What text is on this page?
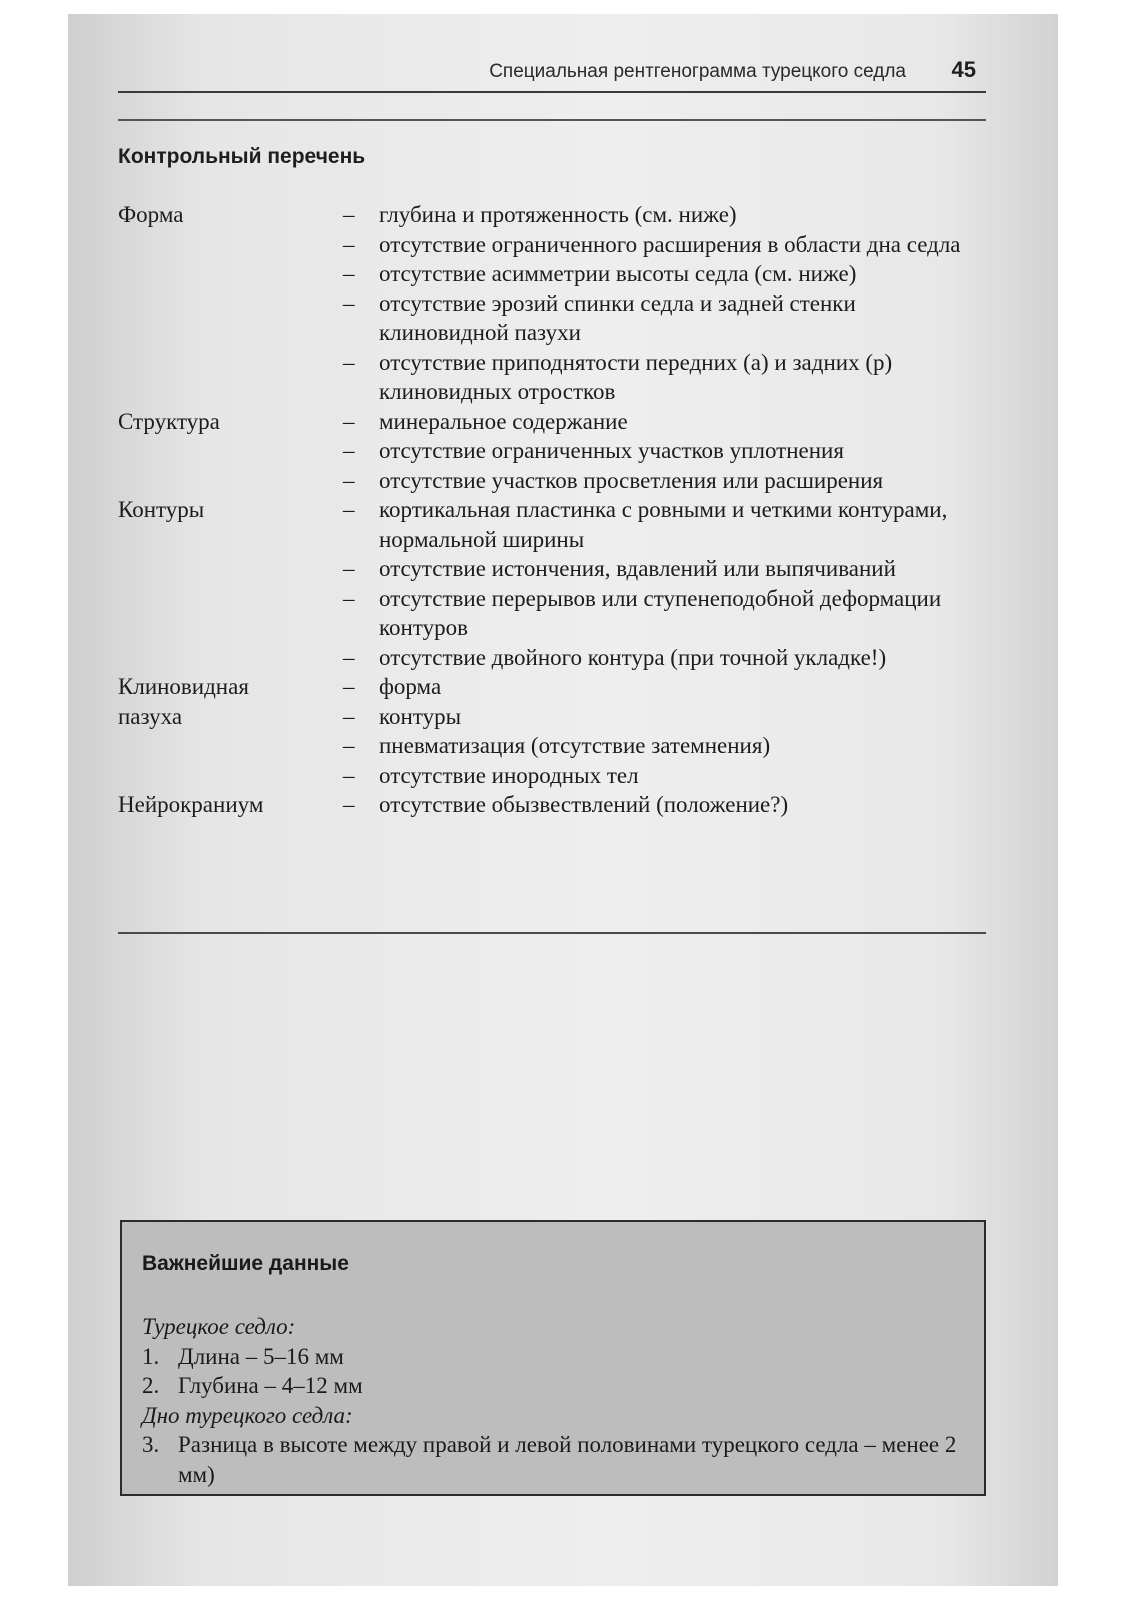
Специальная рентгенограмма турецкого седла 45
Контрольный перечень
Форма	–	глубина и протяженность (см. ниже)
–	отсутствие ограниченного расширения в области дна седла
–	отсутствие асимметрии высоты седла (см. ниже)
–	отсутствие эрозий спинки седла и задней стенки клиновидной пазухи
–	отсутствие приподнятости передних (a) и задних (p) клиновидных отростков
Структура	–	минеральное содержание
–	отсутствие ограниченных участков уплотнения
–	отсутствие участков просветления или расширения
Контуры	–	кортикальная пластинка с ровными и четкими контурами, нормальной ширины
–	отсутствие истончения, вдавлений или выпячиваний
–	отсутствие перерывов или ступенеподобной деформации контуров
–	отсутствие двойного контура (при точной укладке!)
Клиновидная	–	форма
пазуха	–	контуры
–	пневматизация (отсутствие затемнения)
–	отсутствие инородных тел
Нейрокраниум	–	отсутствие обызвествлений (положение?)
Важнейшие данные
Турецкое седло:
1. Длина – 5–16 мм
2. Глубина – 4–12 мм
Дно турецкого седла:
3. Разница в высоте между правой и левой половинами турецкого седла – менее 2 мм)
